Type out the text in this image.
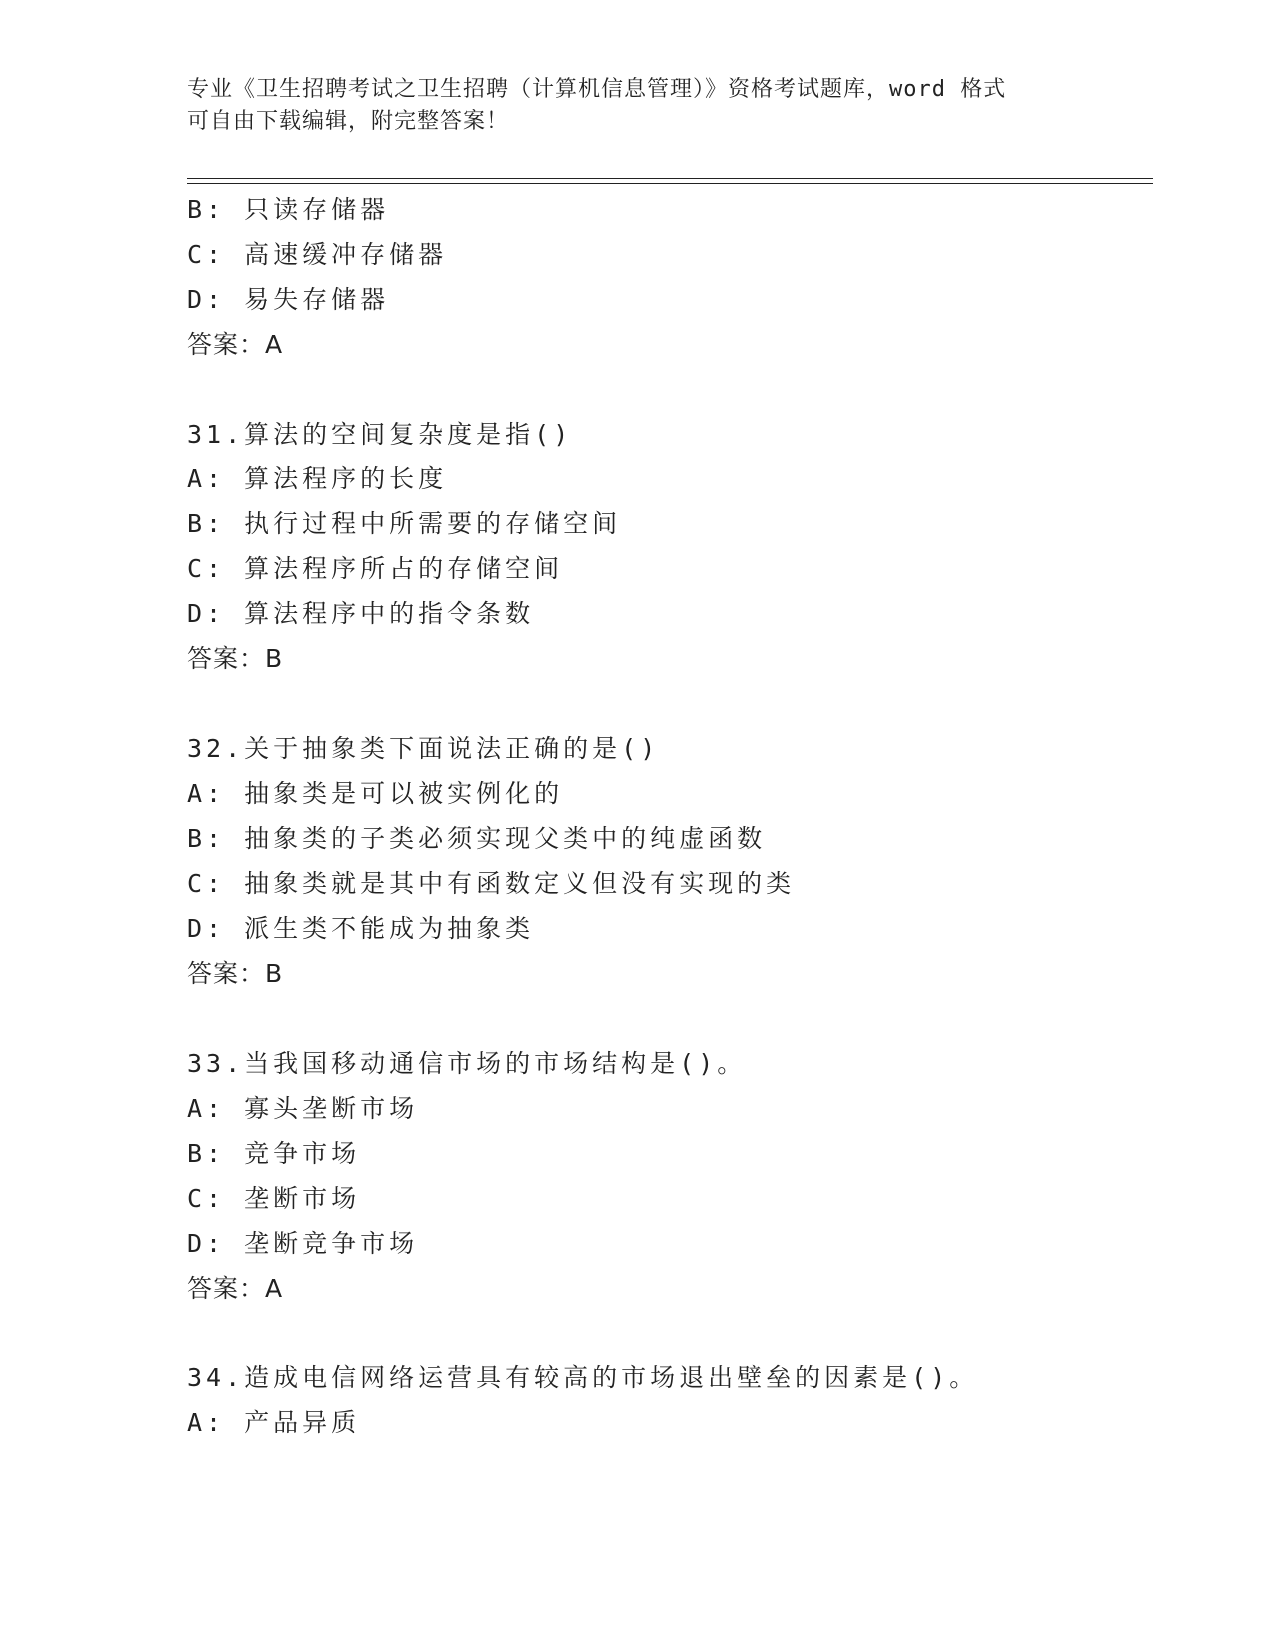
专业《卫生招聘考试之卫生招聘（计算机信息管理）》资格考试题库，word 格式
可自由下载编辑，附完整答案！
B: 只读存储器
C: 高速缓冲存储器
D: 易失存储器
答案：A
31.算法的空间复杂度是指()
A: 算法程序的长度
B: 执行过程中所需要的存储空间
C: 算法程序所占的存储空间
D: 算法程序中的指令条数
答案：B
32.关于抽象类下面说法正确的是()
A: 抽象类是可以被实例化的
B: 抽象类的子类必须实现父类中的纯虚函数
C: 抽象类就是其中有函数定义但没有实现的类
D: 派生类不能成为抽象类
答案：B
33.当我国移动通信市场的市场结构是()。
A: 寡头垄断市场
B: 竞争市场
C: 垄断市场
D: 垄断竞争市场
答案：A
34.造成电信网络运营具有较高的市场退出壁垒的因素是()。
A: 产品异质
